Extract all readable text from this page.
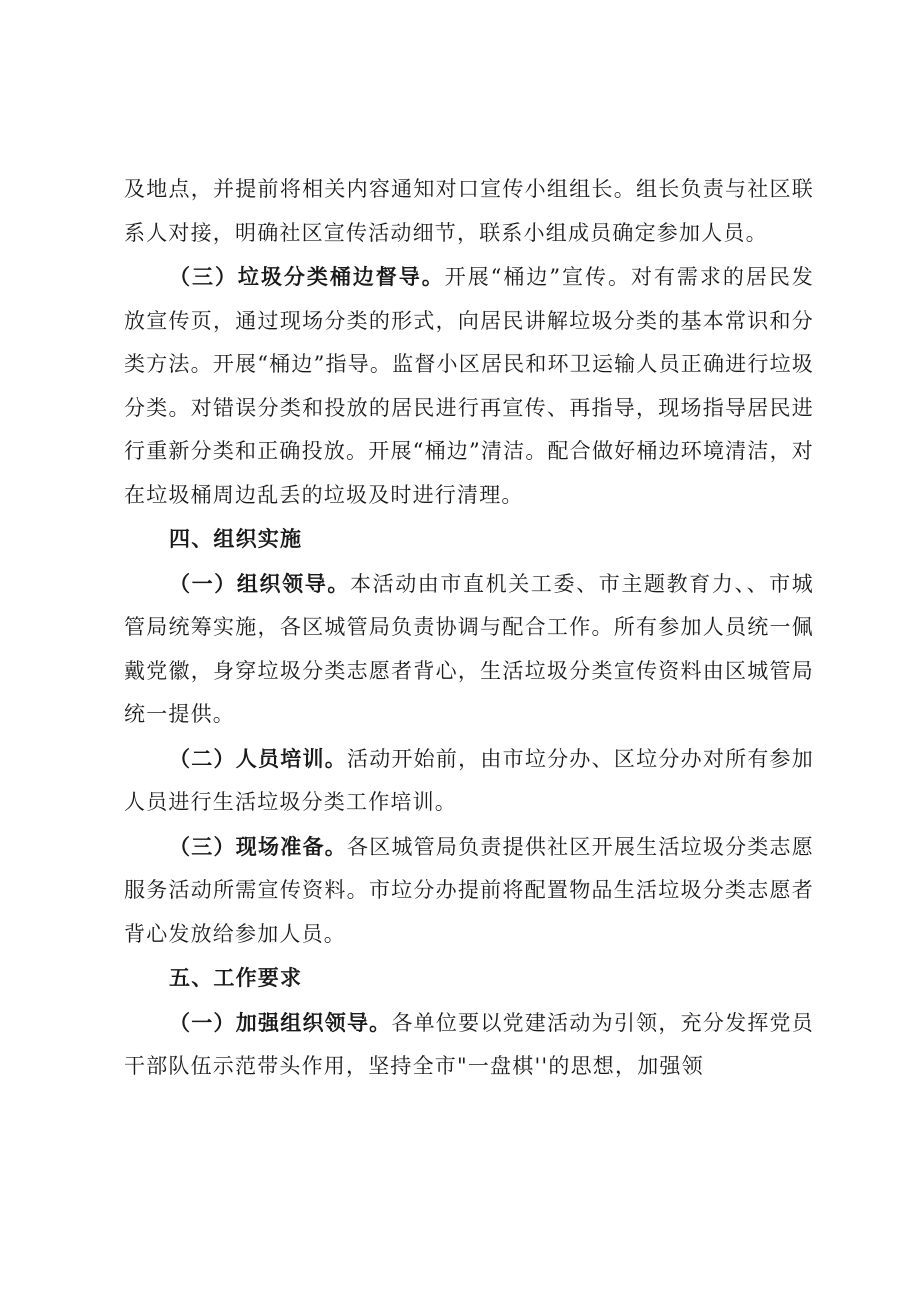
及地点，并提前将相关内容通知对口宣传小组组长。组长负责与社区联系人对接，明确社区宣传活动细节，联系小组成员确定参加人员。

（三）垃圾分类桶边督导。开展“桶边”宣传。对有需求的居民发放宣传页，通过现场分类的形式，向居民讲解垃圾分类的基本常识和分类方法。开展“桶边”指导。监督小区居民和环卫运输人员正确进行垃圾分类。对错误分类和投放的居民进行再宣传、再指导，现场指导居民进行重新分类和正确投放。开展“桶边”清洁。配合做好桶边环境清洁，对在垃圾桶周边乱丢的垃圾及时进行清理。

四、组织实施

（一）组织领导。本活动由市直机关工委、市主题教育力、、市城管局统筹实施，各区城管局负责协调与配合工作。所有参加人员统一佩戴党徽，身穿垃圾分类志愿者背心，生活垃圾分类宣传资料由区城管局统一提供。

（二）人员培训。活动开始前，由市垃分办、区垃分办对所有参加人员进行生活垃圾分类工作培训。

（三）现场准备。各区城管局负责提供社区开展生活垃圾分类志愿服务活动所需宣传资料。市垃分办提前将配置物品生活垃圾分类志愿者背心发放给参加人员。

五、工作要求

（一）加强组织领导。各单位要以党建活动为引领，充分发挥党员干部队伍示范带头作用，坚持全市"一盘棋''的思想，加强领
